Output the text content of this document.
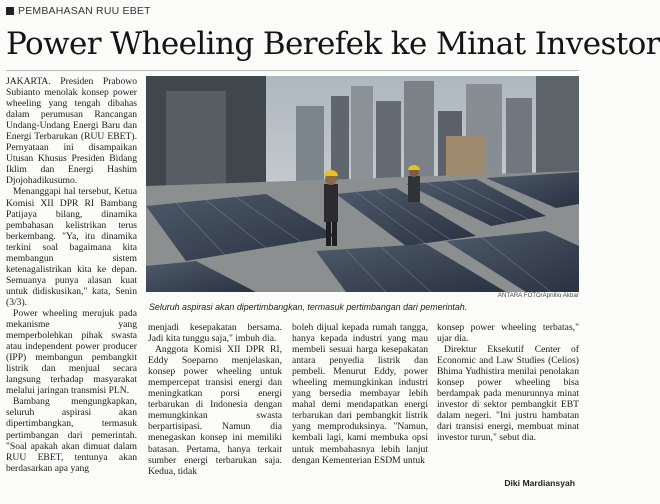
PEMBAHASAN RUU EBET
Power Wheeling Berefek ke Minat Investor

JAKARTA. Presiden Prabowo Subianto menolak konsep power wheeling yang tengah dibahas dalam perumusan Rancangan Undang-Undang Energi Baru dan Energi Terbarukan (RUU EBET). Pernyataan ini disampaikan Utusan Khusus Presiden Bidang Iklim dan Energi Hashim Djojohadikusumo.

Menanggapi hal tersebut, Ketua Komisi XII DPR RI Bambang Patijaya bilang, dinamika pembahasan kelistrikan terus berkembang. "Ya, itu dinamika terkini soal bagaimana kita membangun sistem ketenagalistrikan kita ke depan. Semuanya punya alasan kuat untuk didiskusikan," kata, Senin (3/3).

Power wheeling merujuk pada mekanisme yang memperbolehkan pihak swasta atau independent power producer (IPP) membangun pembangkit listrik dan menjual secara langsung terhadap masyarakat melalui jaringan transmisi PLN.

Bambang mengungkapkan, seluruh aspirasi akan dipertimbangkan, termasuk pertimbangan dari pemerintah. "Soal apakah akan dimuat dalam RUU EBET, tentunya akan berdasarkan apa yang

ANTARA FOTO/Aprillio Akbar
Seluruh aspirasi akan dipertimbangkan, termasuk pertimbangan dari pemerintah.

menjadi kesepakatan bersama. Jadi kita tunggu saja," imbuh dia.

Anggota Komisi XII DPR RI, Eddy Soeparno menjelaskan, konsep power wheeling untuk mempercepat transisi energi dan meningkatkan porsi energi terbarukan di Indonesia dengan memungkinkan swasta berpartisipasi. Namun dia menegaskan konsep ini memiliki batasan. Pertama, hanya terkait sumber energi terbarukan saja. Kedua, tidak

boleh dijual kepada rumah tangga, hanya kepada industri yang mau membeli sesuai harga kesepakatan antara penyedia listrik dan pembeli. Menurut Eddy, power wheeling memungkinkan industri yang bersedia membayar lebih mahal demi mendapatkan energi terbarukan dari pembangkit listrik yang memproduksinya. "Namun, kembali lagi, kami membuka opsi untuk membahasnya lebih lanjut dengan Kementerian ESDM untuk

konsep power wheeling terbatas," ujar dia.

Direktur Eksekutif Center of Economic and Law Studies (Celios) Bhima Yudhistira menilai penolakan konsep power wheeling bisa berdampak pada menurunnya minat investor di sektor pembangkit EBT dalam negeri. "Ini justru hambatan dari transisi energi, membuat minat investor turun," sebut dia.

Diki Mardiansyah
